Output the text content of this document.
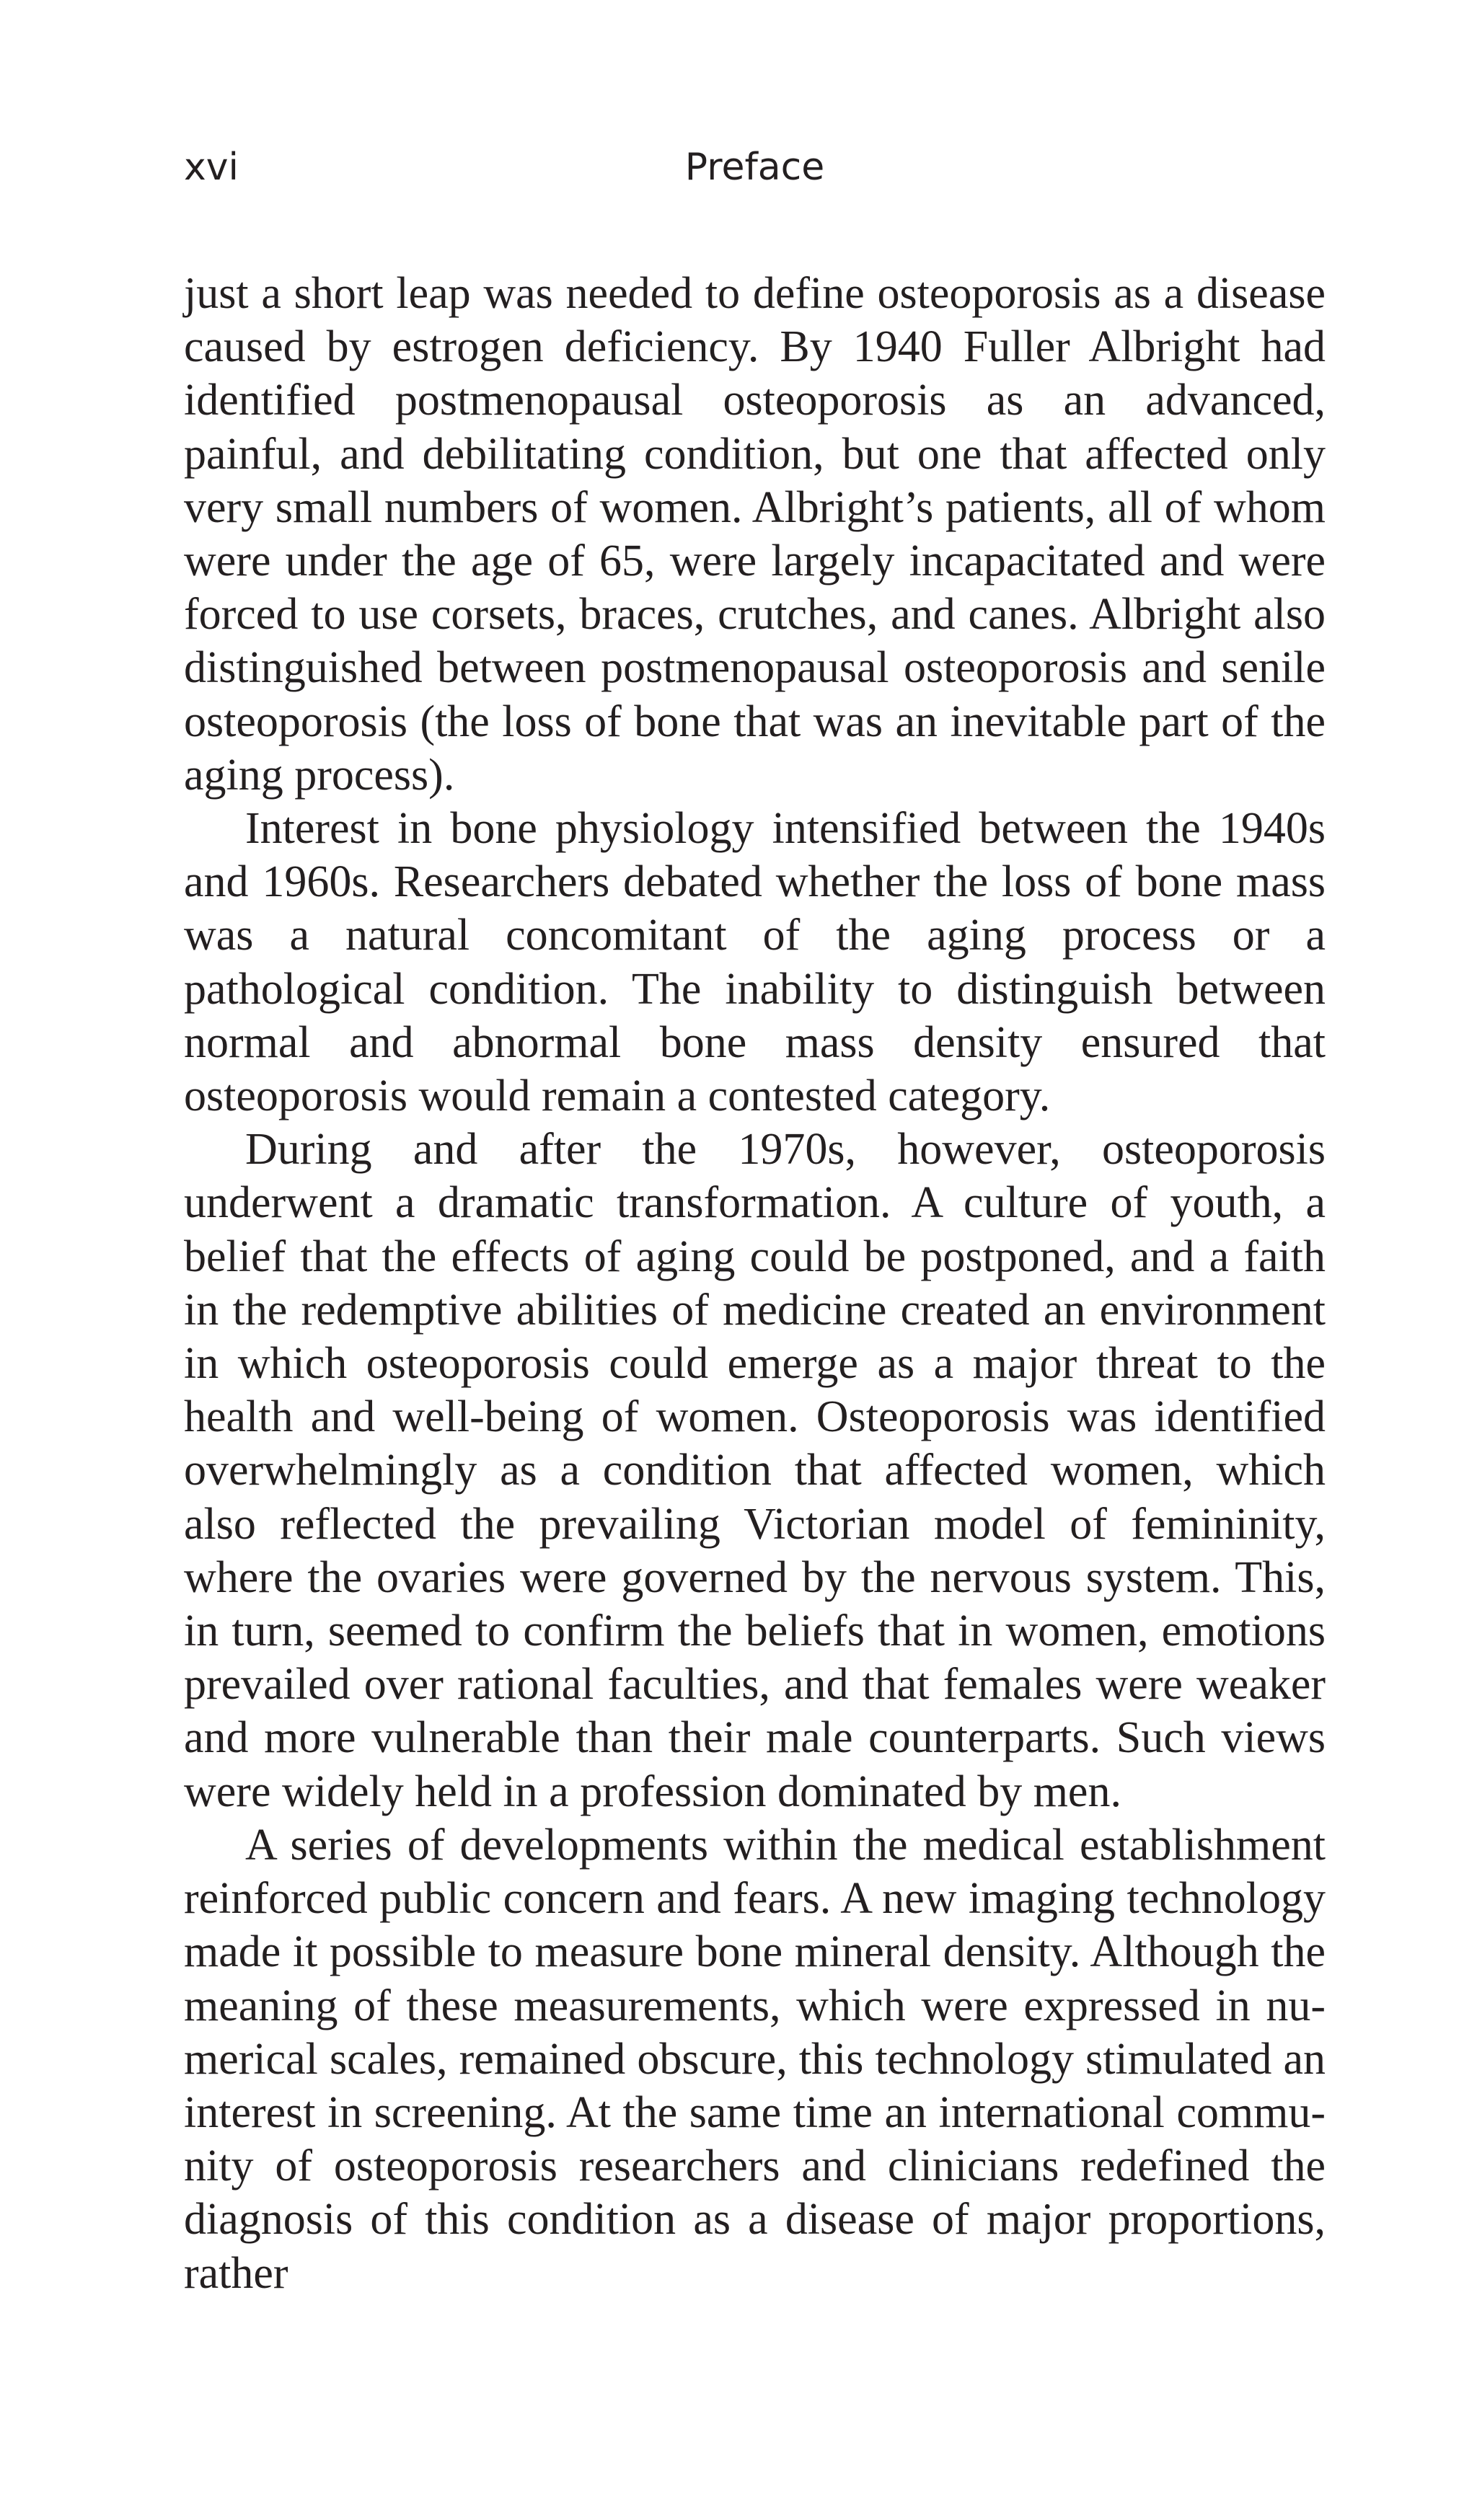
xvi	Preface

just a short leap was needed to define osteoporosis as a disease caused by estrogen deficiency. By 1940 Fuller Albright had identified postmenopausal osteoporosis as an advanced, painful, and debilitating condition, but one that affected only very small numbers of women. Albright’s patients, all of whom were under the age of 65, were largely incapacitated and were forced to use corsets, braces, crutches, and canes. Albright also distinguished between postmenopausal osteoporosis and senile osteoporosis (the loss of bone that was an inevitable part of the aging process).

Interest in bone physiology intensified between the 1940s and 1960s. Researchers debated whether the loss of bone mass was a natural concomitant of the aging process or a pathological condition. The inability to distinguish between normal and abnormal bone mass density ensured that osteoporosis would remain a contested category.

During and after the 1970s, however, osteoporosis underwent a dramatic transformation. A culture of youth, a belief that the effects of aging could be postponed, and a faith in the redemptive abilities of medicine created an environment in which osteoporosis could emerge as a major threat to the health and well-being of women. Osteoporosis was identified overwhelmingly as a condition that affected women, which also reflected the prevailing Victorian model of femininity, where the ovaries were governed by the nervous system. This, in turn, seemed to confirm the beliefs that in women, emotions prevailed over rational faculties, and that females were weaker and more vulnerable than their male counterparts. Such views were widely held in a profession dominated by men.

A series of developments within the medical establishment reinforced public concern and fears. A new imaging technology made it possible to measure bone mineral density. Although the meaning of these measurements, which were expressed in numerical scales, remained obscure, this technology stimulated an interest in screening. At the same time an international community of osteoporosis researchers and clinicians redefined the diagnosis of this condition as a disease of major proportions, rather
